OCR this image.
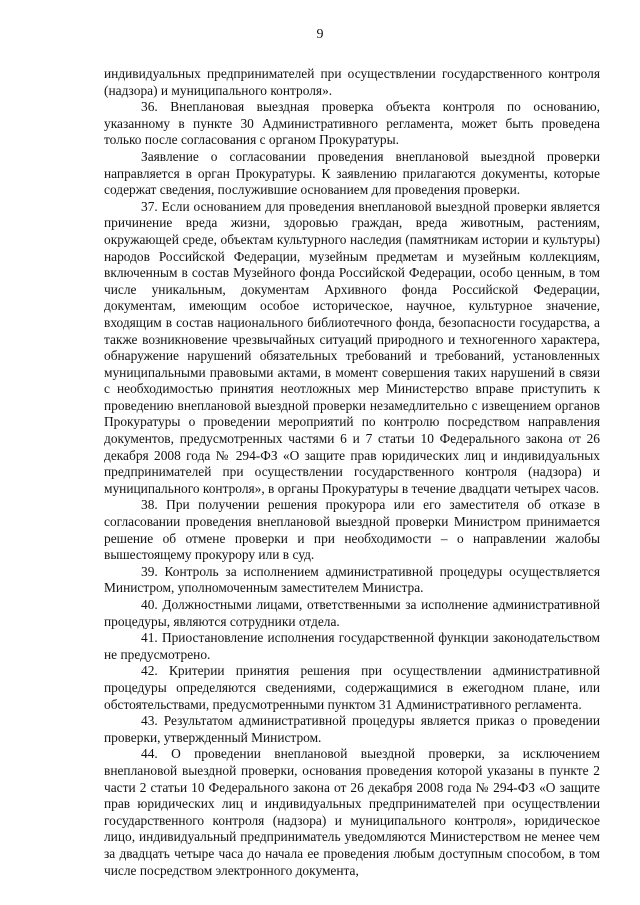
9

индивидуальных предпринимателей при осуществлении государственного контроля (надзора) и муниципального контроля».

36. Внеплановая выездная проверка объекта контроля по основанию, указанному в пункте 30 Административного регламента, может быть проведена только после согласования с органом Прокуратуры.

Заявление о согласовании проведения внеплановой выездной проверки направляется в орган Прокуратуры. К заявлению прилагаются документы, которые содержат сведения, послужившие основанием для проведения проверки.

37. Если основанием для проведения внеплановой выездной проверки является причинение вреда жизни, здоровью граждан, вреда животным, растениям, окружающей среде, объектам культурного наследия (памятникам истории и культуры) народов Российской Федерации, музейным предметам и музейным коллекциям, включенным в состав Музейного фонда Российской Федерации, особо ценным, в том числе уникальным, документам Архивного фонда Российской Федерации, документам, имеющим особое историческое, научное, культурное значение, входящим в состав национального библиотечного фонда, безопасности государства, а также возникновение чрезвычайных ситуаций природного и техногенного характера, обнаружение нарушений обязательных требований и требований, установленных муниципальными правовыми актами, в момент совершения таких нарушений в связи с необходимостью принятия неотложных мер Министерство вправе приступить к проведению внеплановой выездной проверки незамедлительно с извещением органов Прокуратуры о проведении мероприятий по контролю посредством направления документов, предусмотренных частями 6 и 7 статьи 10 Федерального закона от 26 декабря 2008 года № 294-ФЗ «О защите прав юридических лиц и индивидуальных предпринимателей при осуществлении государственного контроля (надзора) и муниципального контроля», в органы Прокуратуры в течение двадцати четырех часов.

38. При получении решения прокурора или его заместителя об отказе в согласовании проведения внеплановой выездной проверки Министром принимается решение об отмене проверки и при необходимости – о направлении жалобы вышестоящему прокурору или в суд.

39. Контроль за исполнением административной процедуры осуществляется Министром, уполномоченным заместителем Министра.

40. Должностными лицами, ответственными за исполнение административной процедуры, являются сотрудники отдела.

41. Приостановление исполнения государственной функции законодательством не предусмотрено.

42. Критерии принятия решения при осуществлении административной процедуры определяются сведениями, содержащимися в ежегодном плане, или обстоятельствами, предусмотренными пунктом 31 Административного регламента.

43. Результатом административной процедуры является приказ о проведении проверки, утвержденный Министром.

44. О проведении внеплановой выездной проверки, за исключением внеплановой выездной проверки, основания проведения которой указаны в пункте 2 части 2 статьи 10 Федерального закона от 26 декабря 2008 года № 294-ФЗ «О защите прав юридических лиц и индивидуальных предпринимателей при осуществлении государственного контроля (надзора) и муниципального контроля», юридическое лицо, индивидуальный предприниматель уведомляются Министерством не менее чем за двадцать четыре часа до начала ее проведения любым доступным способом, в том числе посредством электронного документа,
